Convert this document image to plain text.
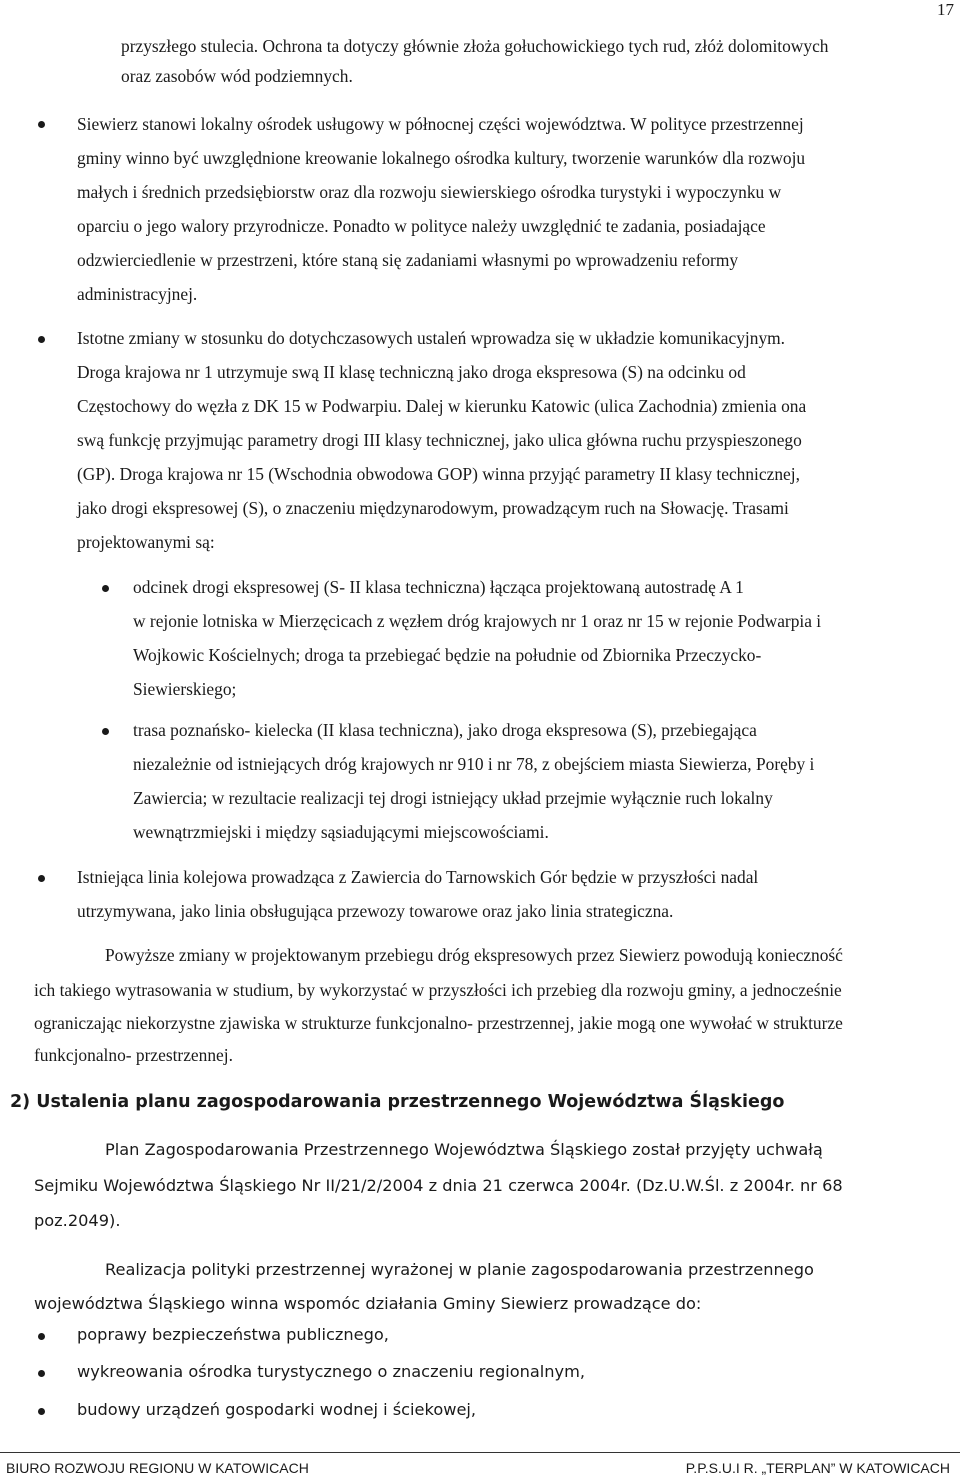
17
przyszłego stulecia. Ochrona ta dotyczy głównie złoża gołuchowickiego tych rud, złóż dolomitowych
oraz zasobów wód podziemnych.
Siewierz stanowi lokalny ośrodek usługowy w północnej części województwa. W polityce przestrzennej
gminy winno być uwzględnione kreowanie lokalnego ośrodka kultury, tworzenie warunków dla rozwoju
małych i średnich przedsiębiorstw oraz dla rozwoju siewierskiego ośrodka turystyki i wypoczynku w
oparciu o jego walory przyrodnicze. Ponadto w polityce należy uwzględnić te zadania, posiadające
odzwierciedlenie w przestrzeni, które staną się zadaniami własnymi po wprowadzeniu reformy
administracyjnej.
Istotne zmiany w stosunku do dotychczasowych ustaleń wprowadza się w układzie komunikacyjnym.
Droga krajowa nr 1 utrzymuje swą II klasę techniczną jako droga ekspresowa (S) na odcinku od
Częstochowy do węzła z DK 15 w Podwarpiu. Dalej w kierunku Katowic (ulica Zachodnia) zmienia ona
swą funkcję przyjmując parametry drogi III klasy technicznej, jako ulica główna ruchu przyspieszonego
(GP). Droga krajowa nr 15 (Wschodnia obwodowa GOP) winna przyjąć parametry II klasy technicznej,
jako drogi ekspresowej (S), o znaczeniu międzynarodowym, prowadzącym ruch na Słowację. Trasami
projektowanymi są:
odcinek drogi ekspresowej (S- II klasa techniczna) łącząca projektowaną autostradę A 1
w rejonie lotniska w Mierzęcicach z węzłem dróg krajowych nr 1 oraz nr 15 w rejonie Podwarpia i
Wojkowic Kościelnych; droga ta przebiegać będzie na południe od Zbiornika Przeczycko-
Siewierskiego;
trasa poznańsko- kielecka (II klasa techniczna), jako droga ekspresowa (S), przebiegająca
niezależnie od istniejących dróg krajowych nr 910 i nr 78, z obejściem miasta Siewierza, Poręby i
Zawiercia; w rezultacie realizacji tej drogi istniejący układ przejmie wyłącznie ruch lokalny
wewnątrzmiejski i między sąsiadującymi miejscowościami.
Istniejąca linia kolejowa prowadząca z Zawiercia do Tarnowskich Gór będzie w przyszłości nadal
utrzymywana, jako linia obsługująca przewozy towarowe oraz jako linia strategiczna.
Powyższe zmiany w projektowanym przebiegu dróg ekspresowych przez Siewierz powodują konieczność
ich takiego wytrasowania w studium, by wykorzystać w przyszłości ich przebieg dla rozwoju gminy, a jednocześnie
ograniczając niekorzystne zjawiska w strukturze funkcjonalno- przestrzennej, jakie mogą one wywołać w strukturze
funkcjonalno- przestrzennej.
2) Ustalenia planu zagospodarowania przestrzennego Województwa Śląskiego
Plan Zagospodarowania Przestrzennego Województwa Śląskiego został przyjęty uchwałą
Sejmiku Województwa Śląskiego Nr II/21/2/2004 z dnia 21 czerwca 2004r. (Dz.U.W.Śl. z 2004r. nr 68
poz.2049).
Realizacja polityki przestrzennej wyrażonej w planie zagospodarowania przestrzennego
województwa Śląskiego winna wspomóc działania Gminy Siewierz prowadzące do:
poprawy bezpieczeństwa publicznego,
wykreowania ośrodka turystycznego o znaczeniu regionalnym,
budowy urządzeń gospodarki wodnej i ściekowej,
BIURO ROZWOJU REGIONU W KATOWICACH	P.P.S.U.I R. „TERPLAN” W KATOWICACH
